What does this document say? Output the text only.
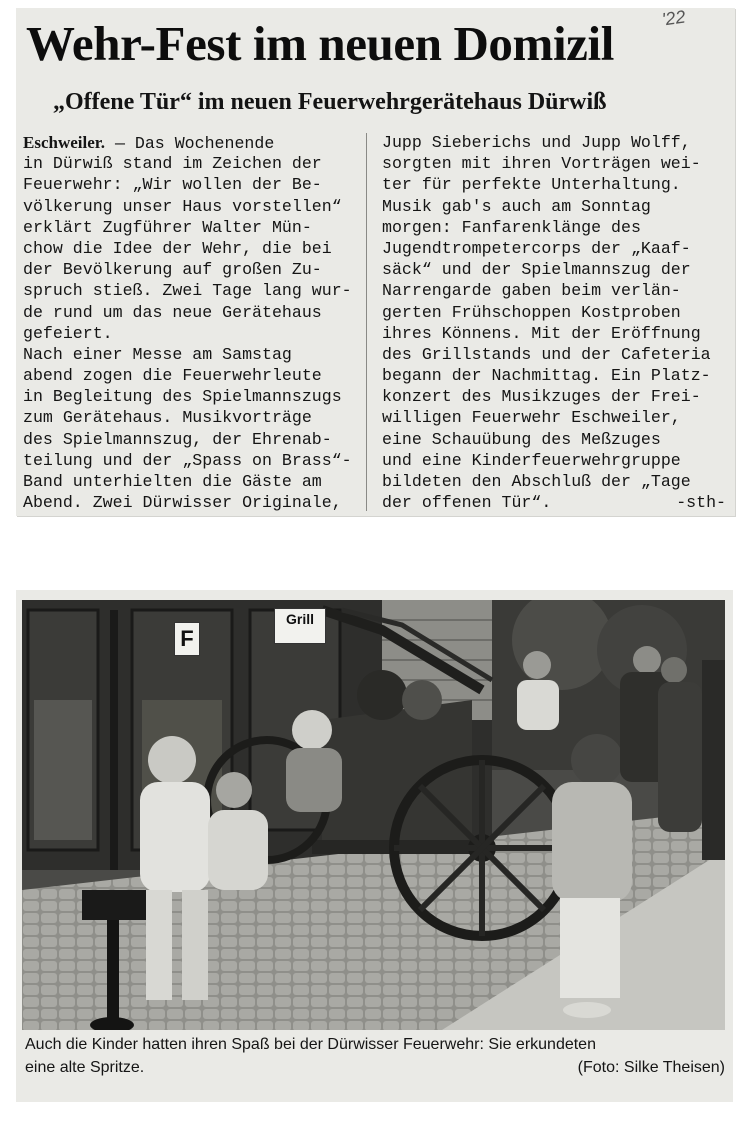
'22
Wehr-Fest im neuen Domizil
„Offene Tür“ im neuen Feuerwehrgerätehaus Dürwiß
Eschweiler. — Das Wochenende
in Dürwiß stand im Zeichen der
Feuerwehr: „Wir wollen der Be-
völkerung unser Haus vorstellen“
erklärt Zugführer Walter Mün-
chow die Idee der Wehr, die bei
der Bevölkerung auf großen Zu-
spruch stieß. Zwei Tage lang wur-
de rund um das neue Gerätehaus
gefeiert.
Nach einer Messe am Samstag
abend zogen die Feuerwehrleute
in Begleitung des Spielmannszugs
zum Gerätehaus. Musikvorträge
des Spielmannszug, der Ehrenab-
teilung und der „Spass on Brass“-
Band unterhielten die Gäste am
Abend. Zwei Dürwisser Originale,
Jupp Sieberichs und Jupp Wolff,
sorgten mit ihren Vorträgen wei-
ter für perfekte Unterhaltung.
Musik gab's auch am Sonntag
morgen: Fanfarenklänge des
Jugendtrompetercorps der „Kaaf-
säck“ und der Spielmannszug der
Narrengarde gaben beim verlän-
gerten Frühschoppen Kostproben
ihres Könnens. Mit der Eröffnung
des Grillstands und der Cafeteria
begann der Nachmittag. Ein Platz-
konzert des Musikzuges der Frei-
willigen Feuerwehr Eschweiler,
eine Schauübung des Meßzuges
und eine Kinderfeuerwehrgruppe
bildeten den Abschluß der „Tage
der offenen Tür“.	-sth-
F
Grill
Auch die Kinder hatten ihren Spaß bei der Dürwisser Feuerwehr: Sie erkundeten
eine alte Spritze.	(Foto: Silke Theisen)
